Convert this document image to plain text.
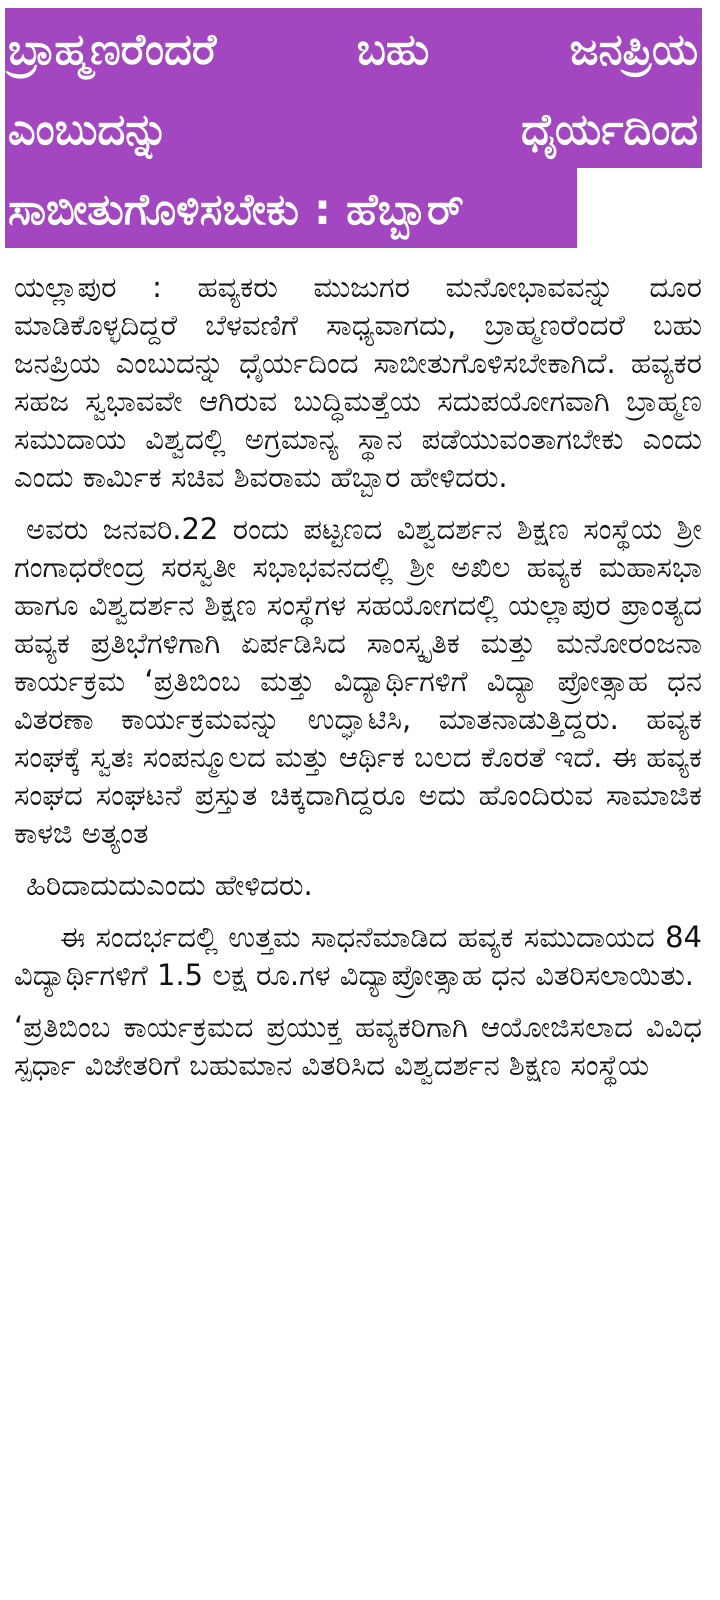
ಬ್ರಾಹ್ಮಣರೆಂದರೆ ಬಹು ಜನಪ್ರಿಯ
ಎಂಬುದನ್ನು ಧೈರ್ಯದಿಂದ
ಸಾಬೀತುಗೊಳಿಸಬೇಕು : ಹೆಬ್ಬಾರ್

ಯಲ್ಲಾಪುರ : ಹವ್ಯಕರು ಮುಜುಗರ ಮನೋಭಾವವನ್ನು ದೂರ ಮಾಡಿಕೊಳ್ಳದಿದ್ದರೆ ಬೆಳವಣಿಗೆ ಸಾಧ್ಯವಾಗದು, ಬ್ರಾಹ್ಮಣರೆಂದರೆ ಬಹು ಜನಪ್ರಿಯ ಎಂಬುದನ್ನು ಧೈರ್ಯದಿಂದ ಸಾಬೀತುಗೊಳಿಸಬೇಕಾಗಿದೆ. ಹವ್ಯಕರ ಸಹಜ ಸ್ವಭಾವವೇ ಆಗಿರುವ ಬುದ್ಧಿಮತ್ತೆಯ ಸದುಪಯೋಗವಾಗಿ ಬ್ರಾಹ್ಮಣ ಸಮುದಾಯ ವಿಶ್ವದಲ್ಲಿ ಅಗ್ರಮಾನ್ಯ ಸ್ಥಾನ ಪಡೆಯುವಂತಾಗಬೇಕು ಎಂದು ಎಂದು ಕಾರ್ಮಿಕ ಸಚಿವ ಶಿವರಾಮ ಹೆಬ್ಬಾರ ಹೇಳಿದರು.

ಅವರು ಜನವರಿ.22 ರಂದು ಪಟ್ಟಣದ ವಿಶ್ವದರ್ಶನ ಶಿಕ್ಷಣ ಸಂಸ್ಥೆಯ ಶ್ರೀ ಗಂಗಾಧರೇಂದ್ರ ಸರಸ್ವತೀ ಸಭಾಭವನದಲ್ಲಿ ಶ್ರೀ ಅಖಿಲ ಹವ್ಯಕ ಮಹಾಸಭಾ ಹಾಗೂ ವಿಶ್ವದರ್ಶನ ಶಿಕ್ಷಣ ಸಂಸ್ಥೆಗಳ ಸಹಯೋಗದಲ್ಲಿ ಯಲ್ಲಾಪುರ ಪ್ರಾಂತ್ಯದ ಹವ್ಯಕ ಪ್ರತಿಭೆಗಳಿಗಾಗಿ ಏರ್ಪಡಿಸಿದ ಸಾಂಸ್ಕೃತಿಕ ಮತ್ತು ಮನೋರಂಜನಾ ಕಾರ್ಯಕ್ರಮ ‘ಪ್ರತಿಬಿಂಬ ಮತ್ತು ವಿದ್ಯಾರ್ಥಿಗಳಿಗೆ ವಿದ್ಯಾ ಪ್ರೋತ್ಸಾಹ ಧನ ವಿತರಣಾ ಕಾರ್ಯಕ್ರಮವನ್ನು ಉದ್ಘಾಟಿಸಿ, ಮಾತನಾಡುತ್ತಿದ್ದರು. ಹವ್ಯಕ ಸಂಘಕ್ಕೆ ಸ್ವತಃ ಸಂಪನ್ಮೂಲದ ಮತ್ತು ಆರ್ಥಿಕ ಬಲದ ಕೊರತೆ ಇದೆ. ಈ ಹವ್ಯಕ ಸಂಘದ ಸಂಘಟನೆ ಪ್ರಸ್ತುತ ಚಿಕ್ಕದಾಗಿದ್ದರೂ ಅದು ಹೊಂದಿರುವ ಸಾಮಾಜಿಕ ಕಾಳಜಿ ಅತ್ಯಂತ

ಹಿರಿದಾದುದುಎಂದು ಹೇಳಿದರು.

ಈ ಸಂದರ್ಭದಲ್ಲಿ ಉತ್ತಮ ಸಾಧನೆಮಾಡಿದ ಹವ್ಯಕ ಸಮುದಾಯದ 84 ವಿದ್ಯಾರ್ಥಿಗಳಿಗೆ 1.5 ಲಕ್ಷ ರೂ.ಗಳ ವಿದ್ಯಾಪ್ರೋತ್ಸಾಹ ಧನ ವಿತರಿಸಲಾಯಿತು.

‘ಪ್ರತಿಬಿಂಬ ಕಾರ್ಯಕ್ರಮದ ಪ್ರಯುಕ್ತ ಹವ್ಯಕರಿಗಾಗಿ ಆಯೋಜಿಸಲಾದ ವಿವಿಧ ಸ್ಪರ್ಧಾ ವಿಜೇತರಿಗೆ ಬಹುಮಾನ ವಿತರಿಸಿದ ವಿಶ್ವದರ್ಶನ ಶಿಕ್ಷಣ ಸಂಸ್ಥೆಯ
